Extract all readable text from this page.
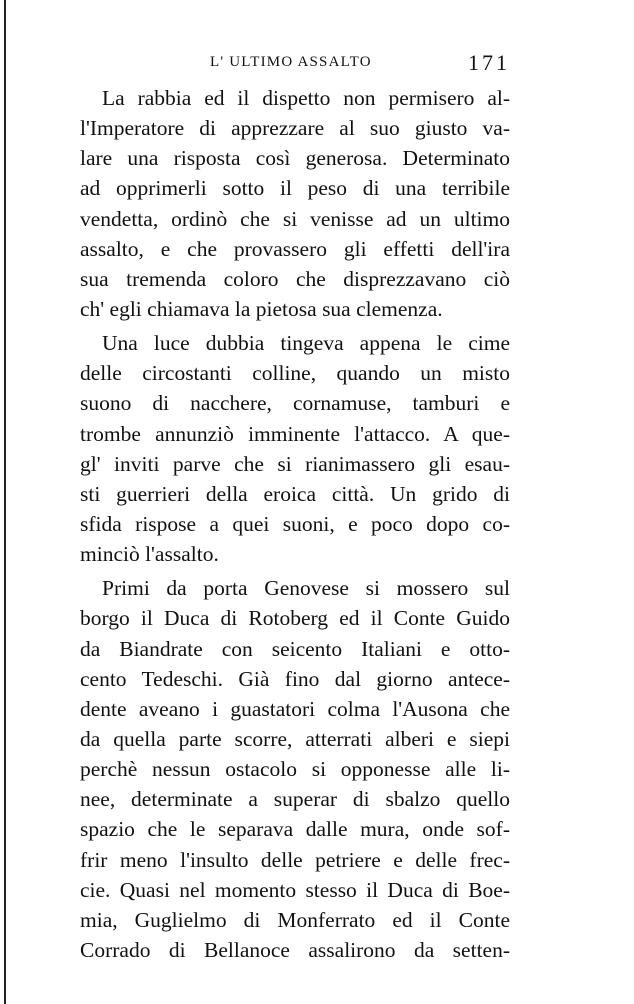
L' ULTIMO ASSALTO	171
La rabbia ed il dispetto non permisero al-
l'Imperatore di apprezzare al suo giusto va-
lare una risposta così generosa. Determinato
ad opprimerli sotto il peso di una terribile
vendetta, ordinò che si venisse ad un ultimo
assalto, e che provassero gli effetti dell'ira
sua tremenda coloro che disprezzavano ciò
ch' egli chiamava la pietosa sua clemenza.
Una luce dubbia tingeva appena le cime
delle circostanti colline, quando un misto
suono di nacchere, cornamuse, tamburi e
trombe annunziò imminente l'attacco. A que-
gl' inviti parve che si rianimassero gli esau-
sti guerrieri della eroica città. Un grido di
sfida rispose a quei suoni, e poco dopo co-
minciò l'assalto.
Primi da porta Genovese si mossero sul
borgo il Duca di Rotoberg ed il Conte Guido
da Biandrate con seicento Italiani e otto-
cento Tedeschi. Già fino dal giorno antece-
dente aveano i guastatori colma l'Ausona che
da quella parte scorre, atterrati alberi e siepi
perchè nessun ostacolo si opponesse alle li-
nee, determinate a superar di sbalzo quello
spazio che le separava dalle mura, onde sof-
frir meno l'insulto delle petriere e delle frec-
cie. Quasi nel momento stesso il Duca di Boe-
mia, Guglielmo di Monferrato ed il Conte
Corrado di Bellanoce assalirono da setten-
